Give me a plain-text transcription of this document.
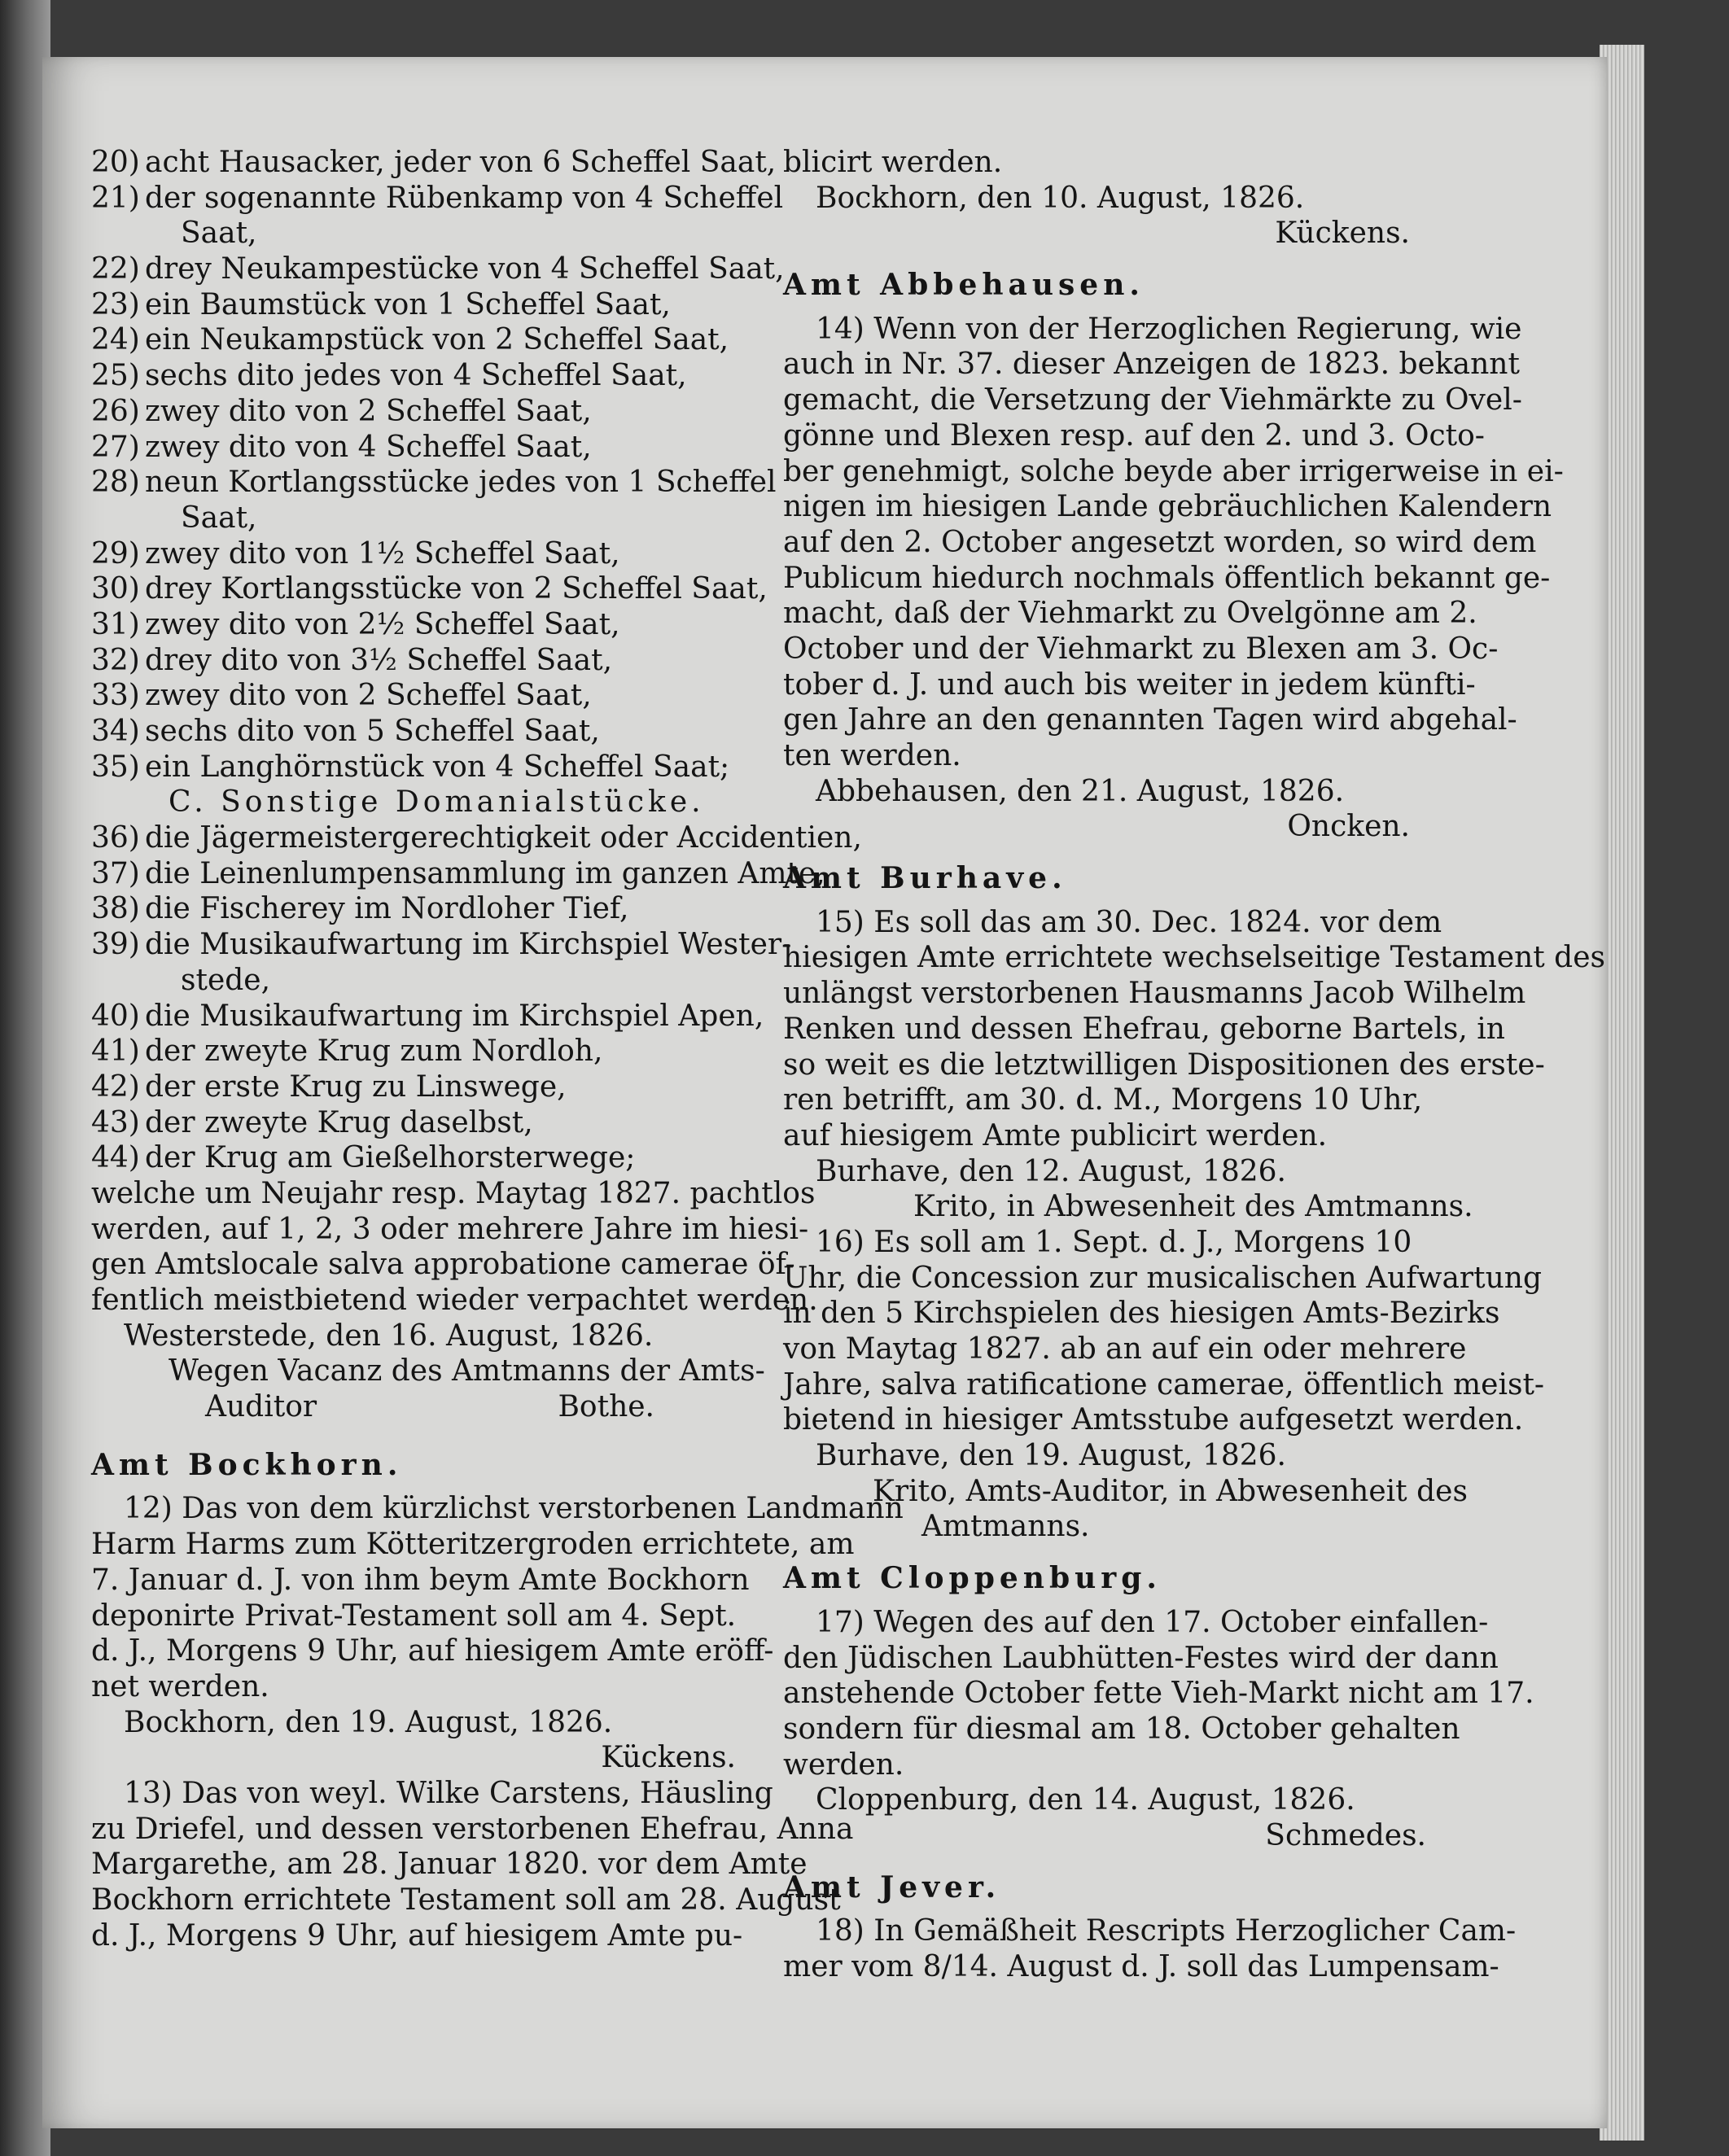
20) acht Hausacker, jeder von 6 Scheffel Saat,
21) der sogenannte Rübenkamp von 4 Scheffel
Saat,
22) drey Neukampestücke von 4 Scheffel Saat,
23) ein Baumstück von 1 Scheffel Saat,
24) ein Neukampstück von 2 Scheffel Saat,
25) sechs dito jedes von 4 Scheffel Saat,
26) zwey dito von 2 Scheffel Saat,
27) zwey dito von 4 Scheffel Saat,
28) neun Kortlangsstücke jedes von 1 Scheffel
Saat,
29) zwey dito von 1½ Scheffel Saat,
30) drey Kortlangsstücke von 2 Scheffel Saat,
31) zwey dito von 2½ Scheffel Saat,
32) drey dito von 3½ Scheffel Saat,
33) zwey dito von 2 Scheffel Saat,
34) sechs dito von 5 Scheffel Saat,
35) ein Langhörnstück von 4 Scheffel Saat;
C. Sonstige Domanialstücke.
36) die Jägermeistergerechtigkeit oder Accidentien,
37) die Leinenlumpensammlung im ganzen Amte,
38) die Fischerey im Nordloher Tief,
39) die Musikaufwartung im Kirchspiel Wester-
stede,
40) die Musikaufwartung im Kirchspiel Apen,
41) der zweyte Krug zum Nordloh,
42) der erste Krug zu Linswege,
43) der zweyte Krug daselbst,
44) der Krug am Gießelhorsterwege;
welche um Neujahr resp. Maytag 1827. pachtlos
werden, auf 1, 2, 3 oder mehrere Jahre im hiesi-
gen Amtslocale salva approbatione camerae öf-
fentlich meistbietend wieder verpachtet werden.
Westerstede, den 16. August, 1826.
Wegen Vacanz des Amtmanns der Amts-
Auditor	Bothe.
Amt Bockhorn.
12) Das von dem kürzlichst verstorbenen Landmann
Harm Harms zum Kötteritzergroden errichtete, am
7. Januar d. J. von ihm beym Amte Bockhorn
deponirte Privat-Testament soll am 4. Sept.
d. J., Morgens 9 Uhr, auf hiesigem Amte eröff-
net werden.
Bockhorn, den 19. August, 1826.
Kückens.
13) Das von weyl. Wilke Carstens, Häusling
zu Driefel, und dessen verstorbenen Ehefrau, Anna
Margarethe, am 28. Januar 1820. vor dem Amte
Bockhorn errichtete Testament soll am 28. August
d. J., Morgens 9 Uhr, auf hiesigem Amte pu-
blicirt werden.
Bockhorn, den 10. August, 1826.
Kückens.
Amt Abbehausen.
14) Wenn von der Herzoglichen Regierung, wie
auch in Nr. 37. dieser Anzeigen de 1823. bekannt
gemacht, die Versetzung der Viehmärkte zu Ovel-
gönne und Blexen resp. auf den 2. und 3. Octo-
ber genehmigt, solche beyde aber irrigerweise in ei-
nigen im hiesigen Lande gebräuchlichen Kalendern
auf den 2. October angesetzt worden, so wird dem
Publicum hiedurch nochmals öffentlich bekannt ge-
macht, daß der Viehmarkt zu Ovelgönne am 2.
October und der Viehmarkt zu Blexen am 3. Oc-
tober d. J. und auch bis weiter in jedem künfti-
gen Jahre an den genannten Tagen wird abgehal-
ten werden.
Abbehausen, den 21. August, 1826.
Oncken.
Amt Burhave.
15) Es soll das am 30. Dec. 1824. vor dem
hiesigen Amte errichtete wechselseitige Testament des
unlängst verstorbenen Hausmanns Jacob Wilhelm
Renken und dessen Ehefrau, geborne Bartels, in
so weit es die letztwilligen Dispositionen des erste-
ren betrifft, am 30. d. M., Morgens 10 Uhr,
auf hiesigem Amte publicirt werden.
Burhave, den 12. August, 1826.
Krito, in Abwesenheit des Amtmanns.
16) Es soll am 1. Sept. d. J., Morgens 10
Uhr, die Concession zur musicalischen Aufwartung
in den 5 Kirchspielen des hiesigen Amts-Bezirks
von Maytag 1827. ab an auf ein oder mehrere
Jahre, salva ratificatione camerae, öffentlich meist-
bietend in hiesiger Amtsstube aufgesetzt werden.
Burhave, den 19. August, 1826.
Krito, Amts-Auditor, in Abwesenheit des
Amtmanns.
Amt Cloppenburg.
17) Wegen des auf den 17. October einfallen-
den Jüdischen Laubhütten-Festes wird der dann
anstehende October fette Vieh-Markt nicht am 17.
sondern für diesmal am 18. October gehalten
werden.
Cloppenburg, den 14. August, 1826.
Schmedes.
Amt Jever.
18) In Gemäßheit Rescripts Herzoglicher Cam-
mer vom 8/14. August d. J. soll das Lumpensam-
